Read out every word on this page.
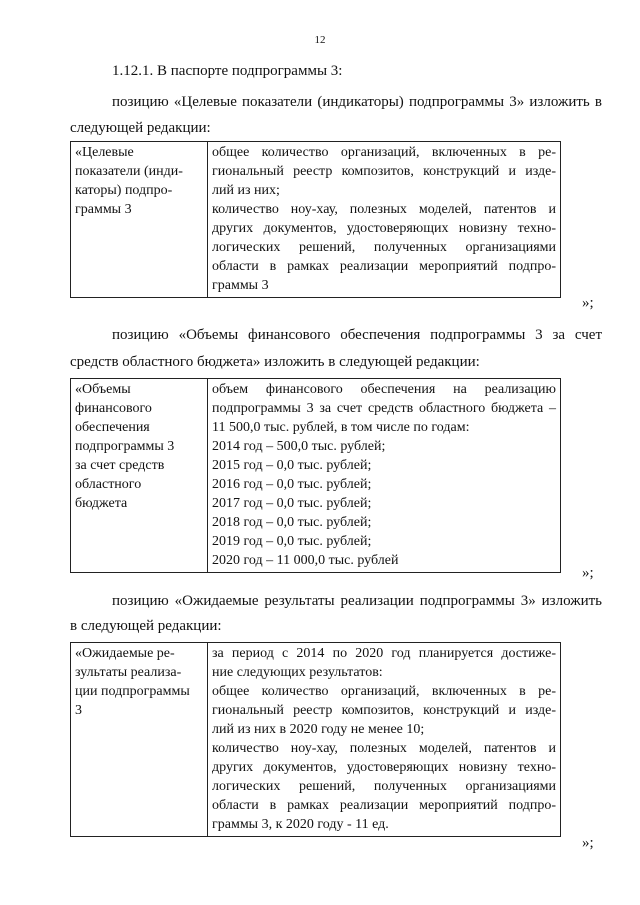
12
1.12.1. В паспорте подпрограммы 3:
позицию «Целевые показатели (индикаторы) подпрограммы 3» изложить в
следующей редакции:
«Целевые
показатели (инди-
каторы) подпро-
граммы 3

общее количество организаций, включенных в ре-
гиональный реестр композитов, конструкций и изде-
лий из них;
количество ноу-хау, полезных моделей, патентов и
других документов, удостоверяющих новизну техно-
логических решений, полученных организациями
области в рамках реализации мероприятий подпро-
граммы 3
»;
позицию «Объемы финансового обеспечения подпрограммы 3 за счет
средств областного бюджета» изложить в следующей редакции:
«Объемы
финансового
обеспечения
подпрограммы 3
за счет средств
областного
бюджета

объем финансового обеспечения на реализацию
подпрограммы 3 за счет средств областного бюджета –
11 500,0 тыс. рублей, в том числе по годам:
2014 год – 500,0 тыс. рублей;
2015 год – 0,0 тыс. рублей;
2016 год – 0,0 тыс. рублей;
2017 год – 0,0 тыс. рублей;
2018 год – 0,0 тыс. рублей;
2019 год – 0,0 тыс. рублей;
2020 год – 11 000,0 тыс. рублей
»;
позицию «Ожидаемые результаты реализации подпрограммы 3» изложить
в следующей редакции:
«Ожидаемые ре-
зультаты реализа-
ции подпрограммы
3

за период с 2014 по 2020 год планируется достиже-
ние следующих результатов:
общее количество организаций, включенных в ре-
гиональный реестр композитов, конструкций и изде-
лий из них в 2020 году не менее 10;
количество ноу-хау, полезных моделей, патентов и
других документов, удостоверяющих новизну техно-
логических решений, полученных организациями
области в рамках реализации мероприятий подпро-
граммы 3, к 2020 году - 11 ед.
»;
